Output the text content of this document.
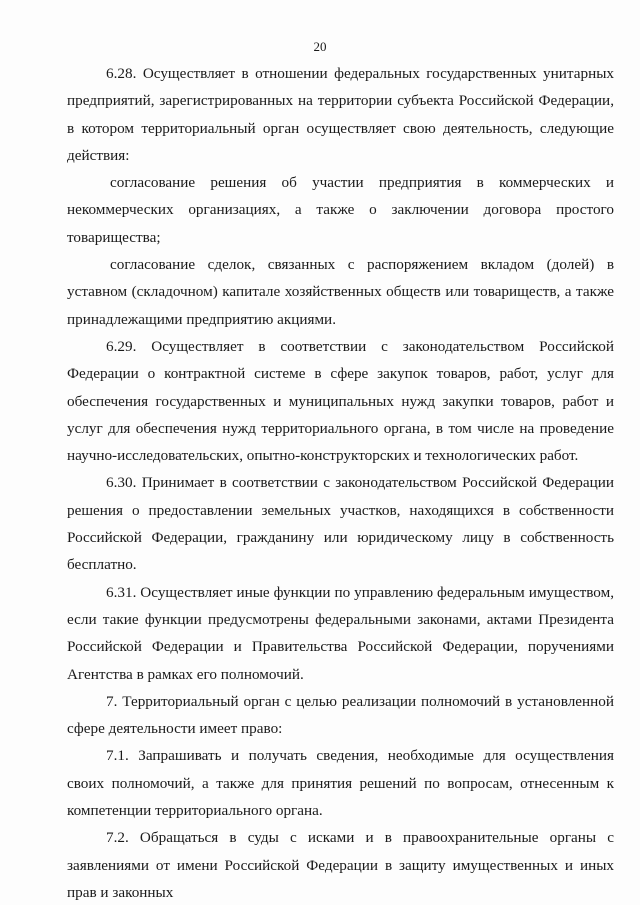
20

6.28. Осуществляет в отношении федеральных государственных унитарных предприятий, зарегистрированных на территории субъекта Российской Федерации, в котором территориальный орган осуществляет свою деятельность, следующие действия:

согласование решения об участии предприятия в коммерческих и некоммерческих организациях, а также о заключении договора простого товарищества;

согласование сделок, связанных с распоряжением вкладом (долей) в уставном (складочном) капитале хозяйственных обществ или товариществ, а также принадлежащими предприятию акциями.

6.29. Осуществляет в соответствии с законодательством Российской Федерации о контрактной системе в сфере закупок товаров, работ, услуг для обеспечения государственных и муниципальных нужд закупки товаров, работ и услуг для обеспечения нужд территориального органа, в том числе на проведение научно-исследовательских, опытно-конструкторских и технологических работ.

6.30. Принимает в соответствии с законодательством Российской Федерации решения о предоставлении земельных участков, находящихся в собственности Российской Федерации, гражданину или юридическому лицу в собственность бесплатно.

6.31. Осуществляет иные функции по управлению федеральным имуществом, если такие функции предусмотрены федеральными законами, актами Президента Российской Федерации и Правительства Российской Федерации, поручениями Агентства в рамках его полномочий.

7. Территориальный орган с целью реализации полномочий в установленной сфере деятельности имеет право:

7.1. Запрашивать и получать сведения, необходимые для осуществления своих полномочий, а также для принятия решений по вопросам, отнесенным к компетенции территориального органа.

7.2. Обращаться в суды с исками и в правоохранительные органы с заявлениями от имени Российской Федерации в защиту имущественных и иных прав и законных
